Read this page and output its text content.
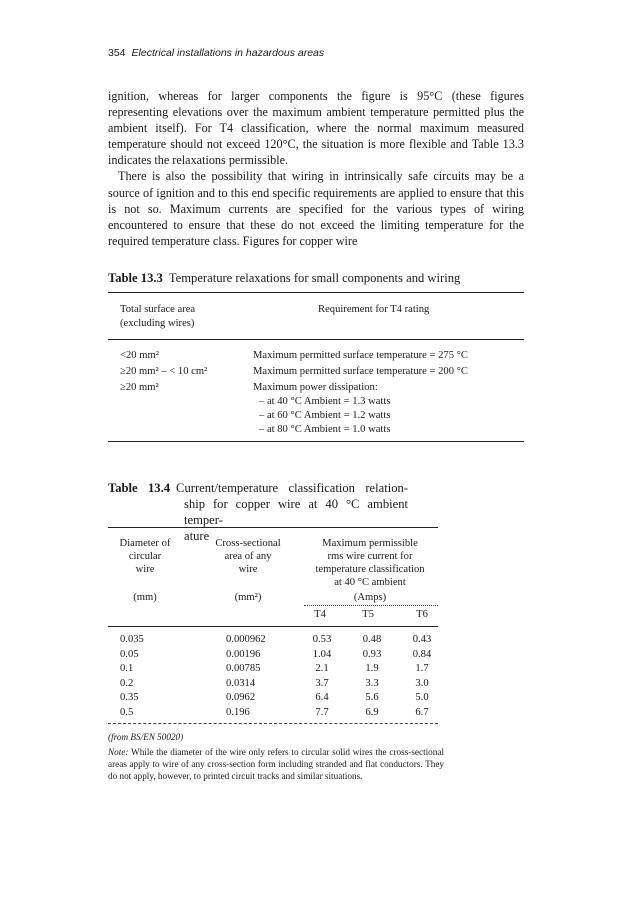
354 Electrical installations in hazardous areas

ignition, whereas for larger components the figure is 95°C (these figures representing elevations over the maximum ambient temperature permitted plus the ambient itself). For T4 classification, where the normal maximum measured temperature should not exceed 120°C, the situation is more flexible and Table 13.3 indicates the relaxations permissible.

There is also the possibility that wiring in intrinsically safe circuits may be a source of ignition and to this end specific requirements are applied to ensure that this is not so. Maximum currents are specified for the various types of wiring encountered to ensure that these do not exceed the limiting temperature for the required temperature class. Figures for copper wire

Table 13.3 Temperature relaxations for small components and wiring
Total surface area
(excluding wires)
Requirement for T4 rating
<20 mm²	Maximum permitted surface temperature = 275 °C
≥20 mm² – < 10 cm²	Maximum permitted surface temperature = 200 °C
≥20 mm²	Maximum power dissipation:
– at 40 °C Ambient = 1.3 watts
– at 60 °C Ambient = 1.2 watts
– at 80 °C Ambient = 1.0 watts
Table 13.4 Current/temperature classification relation-
ship for copper wire at 40 °C ambient temper-
ature
Diameter of
circular
wire
(mm)
Cross-sectional
area of any
wire
(mm²)
Maximum permissible
rms wire current for
temperature classification
at 40 °C ambient
(Amps)
T4	T5	T6
0.035	0.000962	0.53	0.48	0.43
0.05	0.00196	1.04	0.93	0.84
0.1	0.00785	2.1	1.9	1.7
0.2	0.0314	3.7	3.3	3.0
0.35	0.0962	6.4	5.6	5.0
0.5	0.196	7.7	6.9	6.7
(from BS/EN 50020)
Note: While the diameter of the wire only refers to circular solid wires the cross-sectional areas apply to wire of any cross-section form including stranded and flat conductors. They do not apply, however, to printed circuit tracks and similar situations.
